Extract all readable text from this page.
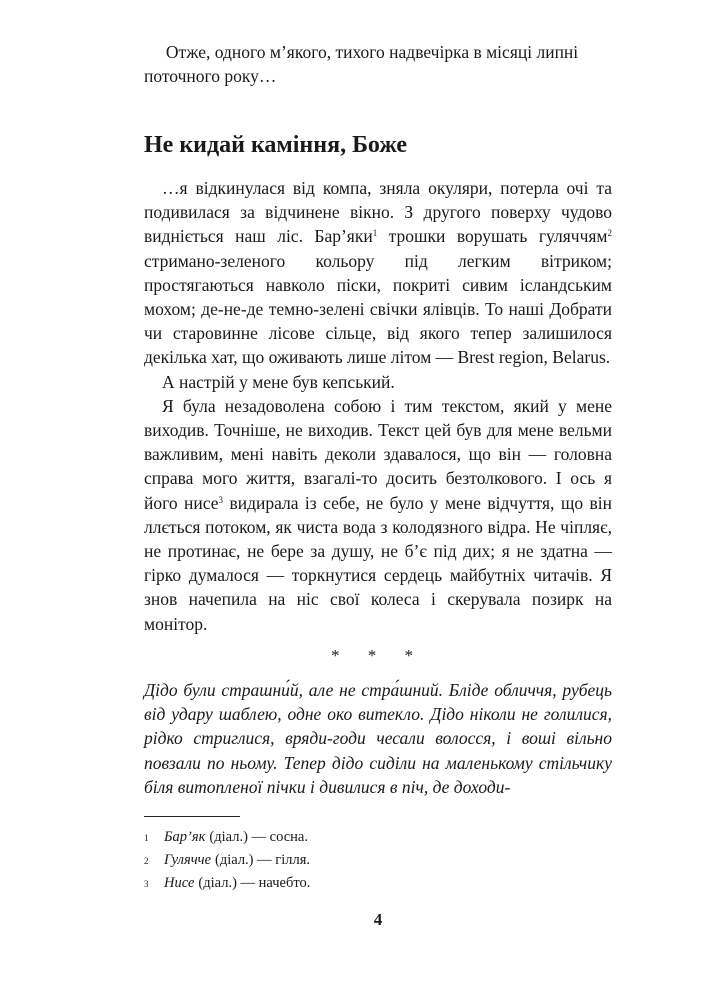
Отже, одного м’якого, тихого надвечірка в місяці липні

поточного року…

Не кидай каміння, Боже

…я відкинулася від компа, зняла окуляри, потерла очі та подивилася за відчинене вікно. З другого поверху чудово видніється наш ліс. Бар’яки$^1$ трошки ворушать гуляччям$^2$ стримано-зеленого кольору під легким вітриком; простягаються навколо піски, покриті сивим ісландським мохом; де-не-де темно-зелені свічки ялівців. То наші Добрати чи старовинне лісове сільце, від якого тепер залишилося декілька хат, що оживають лише літом — Brest region, Belarus.

А настрій у мене був кепський.

Я була незадоволена собою і тим текстом, який у мене виходив. Точніше, не виходив. Текст цей був для мене вельми важливим, мені навіть деколи здавалося, що він — головна справа мого життя, взагалі-то досить безтолкового. І ось я його нисе$^3$ видирала із себе, не було у мене відчуття, що він ллється потоком, як чиста вода з колодязного відра. Не чіпляє, не протинає, не бере за душу, не б’є під дих; я не здатна — гірко думалося — торкнутися сердець майбутніх читачів. Я знов начепила на ніс свої колеса і скерувала позирк на монітор.

* * *

Дідо були страшни́й, але не стра́шний. Бліде обличчя, рубець від удару шаблею, одне око витекло. Дідо ніколи не голилися, рідко стриглися, вряди-годи чесали волосся, і воші вільно повзали по ньому. Тепер дідо сиділи на маленькому стільчику біля витопленої пічки і дивилися в піч, де доходи-

1	Бар’як (діал.) — сосна.
2	Гулячче (діал.) — гілля.
3	Нисе (діал.) — начебто.
4
